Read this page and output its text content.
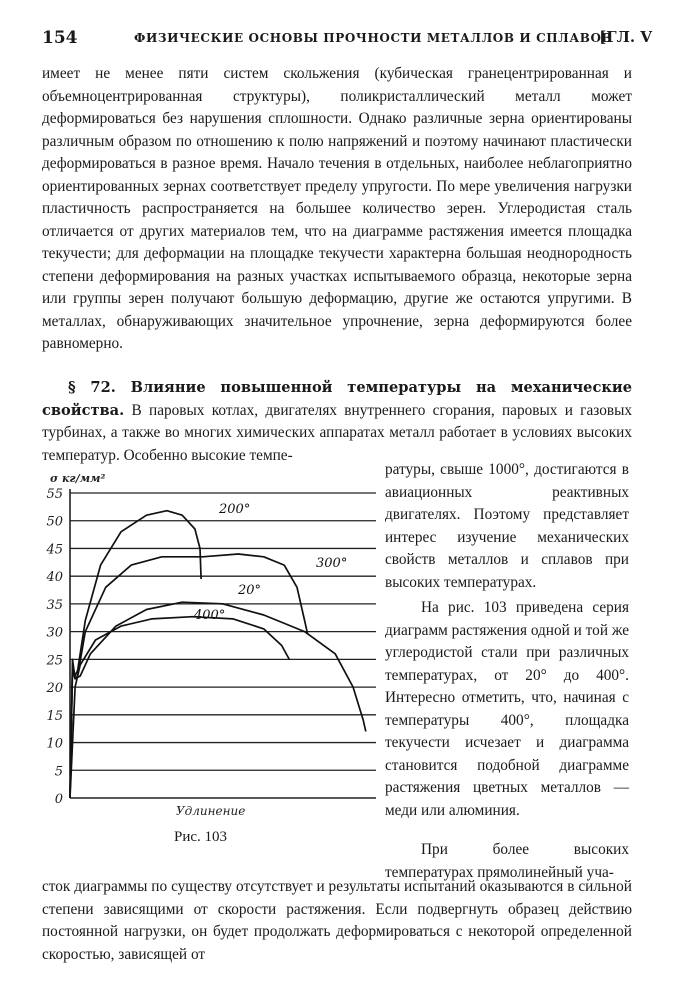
154	ФИЗИЧЕСКИЕ ОСНОВЫ ПРОЧНОСТИ МЕТАЛЛОВ И СПЛАВОВ
[ГЛ. V

имеет не менее пяти систем скольжения (кубическая гранецентрированная и объемноцентрированная структуры), поликристаллический металл может деформироваться без нарушения сплошности. Однако различные зерна ориентированы различным образом по отношению к полю напряжений и поэтому начинают пластически деформироваться в разное время. Начало течения в отдельных, наиболее неблагоприятно ориентированных зернах соответствует пределу упругости. По мере увеличения нагрузки пластичность распространяется на большее количество зерен. Углеродистая сталь отличается от других материалов тем, что на диаграмме растяжения имеется площадка текучести; для деформации на площадке текучести характерна большая неоднородность степени деформирования на разных участках испытываемого образца, некоторые зерна или группы зерен получают большую деформацию, другие же остаются упругими. В металлах, обнаруживающих значительное упрочнение, зерна деформируются более равномерно.

§ 72. Влияние повышенной температуры на механические свойства. В паровых котлах, двигателях внутреннего сгорания, паровых и газовых турбинах, а также во многих химических аппаратах металл работает в условиях высоких температур. Особенно высокие темпе-

ратуры, свыше 1000°, достигаются в авиационных реактивных двигателях. Поэтому представляет интерес изучение механических свойств металлов и сплавов при высоких температурах.

На рис. 103 приведена серия диаграмм растяжения одной и той же углеродистой стали при различных температурах, от 20° до 400°. Интересно отметить, что, начиная с температуры 400°, площадка текучести исчезает и диаграмма становится подобной диаграмме растяжения цветных металлов — меди или алюминия.

При более высоких температурах прямолинейный уча-

0
5
10
15
20
25
30
35
40
45
50
55
σ кг/мм²
Удлинение
200°
300°
20°
400°
Рис. 103

сток диаграммы по существу отсутствует и результаты испытаний оказываются в сильной степени зависящими от скорости растяжения. Если подвергнуть образец действию постоянной нагрузки, он будет продолжать деформироваться с некоторой определенной скоростью, зависящей от
